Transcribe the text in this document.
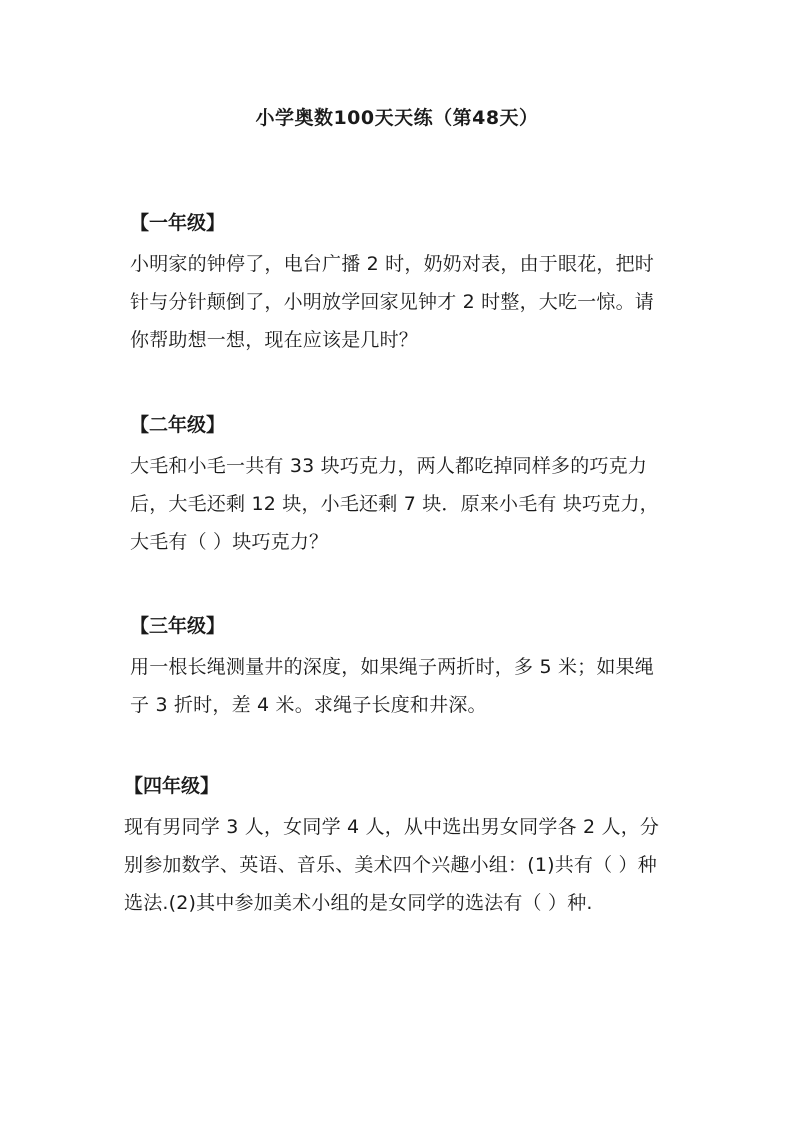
小学奥数100天天练（第48天）
【一年级】

小明家的钟停了，电台广播 2 时，奶奶对表，由于眼花，把时
针与分针颠倒了，小明放学回家见钟才 2 时整，大吃一惊。请
你帮助想一想，现在应该是几时？

【二年级】

大毛和小毛一共有 33 块巧克力，两人都吃掉同样多的巧克力
后，大毛还剩 12 块，小毛还剩 7 块．原来小毛有 块巧克力，
大毛有（ ）块巧克力？

【三年级】

用一根长绳测量井的深度，如果绳子两折时，多 5 米；如果绳
子 3 折时，差 4 米。求绳子长度和井深。

【四年级】

现有男同学 3 人，女同学 4 人，从中选出男女同学各 2 人，分
别参加数学、英语、音乐、美术四个兴趣小组：(1)共有（ ）种
选法.(2)其中参加美术小组的是女同学的选法有（ ）种.
